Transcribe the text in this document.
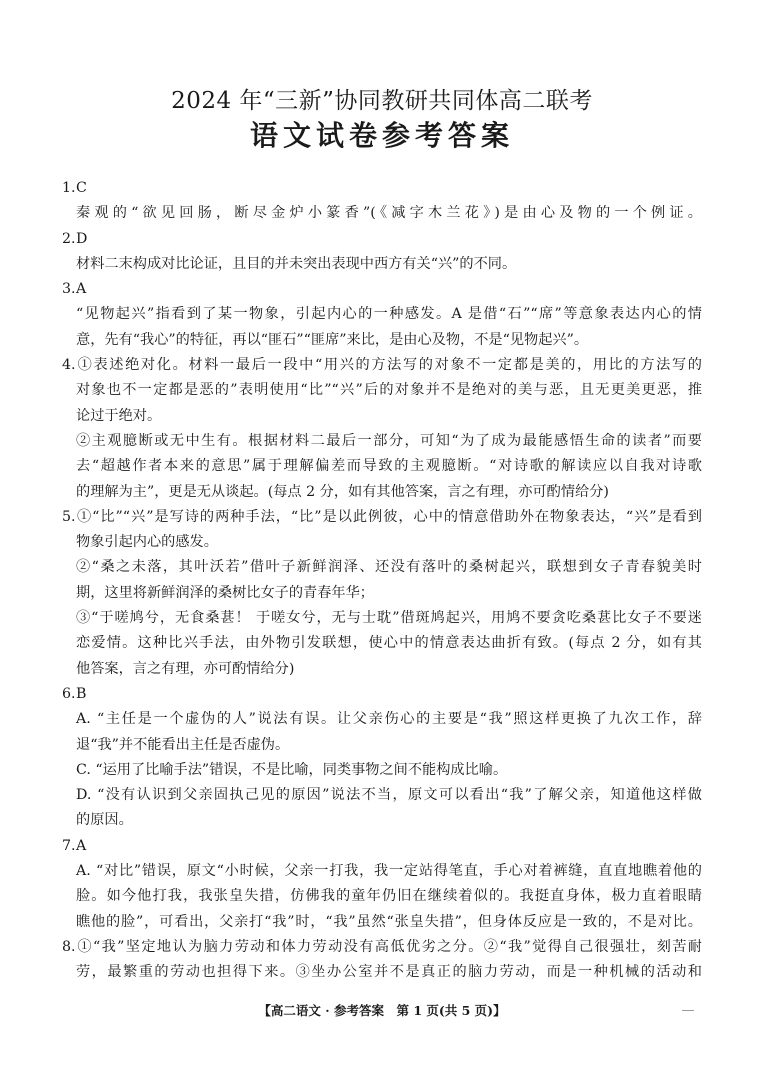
2024 年“三新”协同教研共同体高二联考
语文试卷参考答案
1.C
秦观的“欲见回肠，断尽金炉小篆香”(《减字木兰花》)是由心及物的一个例证。
2.D
材料二末构成对比论证，且目的并未突出表现中西方有关“兴”的不同。
3.A
“见物起兴”指看到了某一物象，引起内心的一种感发。A 是借“石”“席”等意象表达内心的情
意，先有“我心”的特征，再以“匪石”“匪席”来比，是由心及物，不是“见物起兴”。
4.①表述绝对化。材料一最后一段中“用兴的方法写的对象不一定都是美的，用比的方法写的
对象也不一定都是恶的”表明使用“比”“兴”后的对象并不是绝对的美与恶，且无更美更恶，推
论过于绝对。
②主观臆断或无中生有。根据材料二最后一部分，可知“为了成为最能感悟生命的读者”而要
去“超越作者本来的意思”属于理解偏差而导致的主观臆断。“对诗歌的解读应以自我对诗歌
的理解为主”，更是无从谈起。(每点 2 分，如有其他答案，言之有理，亦可酌情给分)
5.①“比”“兴”是写诗的两种手法，“比”是以此例彼，心中的情意借助外在物象表达，“兴”是看到
物象引起内心的感发。
②“桑之未落，其叶沃若”借叶子新鲜润泽、还没有落叶的桑树起兴，联想到女子青春貌美时
期，这里将新鲜润泽的桑树比女子的青春年华；
③“于嗟鸠兮，无食桑葚！ 于嗟女兮，无与士耽”借斑鸠起兴，用鸠不要贪吃桑葚比女子不要迷
恋爱情。这种比兴手法，由外物引发联想，使心中的情意表达曲折有致。(每点 2 分，如有其
他答案，言之有理，亦可酌情给分)
6.B
A. “主任是一个虚伪的人”说法有误。让父亲伤心的主要是“我”照这样更换了九次工作，辞
退“我”并不能看出主任是否虚伪。
C. “运用了比喻手法”错误，不是比喻，同类事物之间不能构成比喻。
D. “没有认识到父亲固执己见的原因”说法不当，原文可以看出“我”了解父亲，知道他这样做
的原因。
7.A
A. “对比”错误，原文“小时候，父亲一打我，我一定站得笔直，手心对着裤缝，直直地瞧着他的
脸。如今他打我，我张皇失措，仿佛我的童年仍旧在继续着似的。我挺直身体，极力直着眼睛
瞧他的脸”，可看出，父亲打“我”时，“我”虽然“张皇失措”，但身体反应是一致的，不是对比。
8.①“我”坚定地认为脑力劳动和体力劳动没有高低优劣之分。②“我”觉得自己很强壮，刻苦耐
劳，最繁重的劳动也担得下来。③坐办公室并不是真正的脑力劳动，而是一种机械的活动和
【高二语文 · 参考答案　第 1 页(共 5 页)】
